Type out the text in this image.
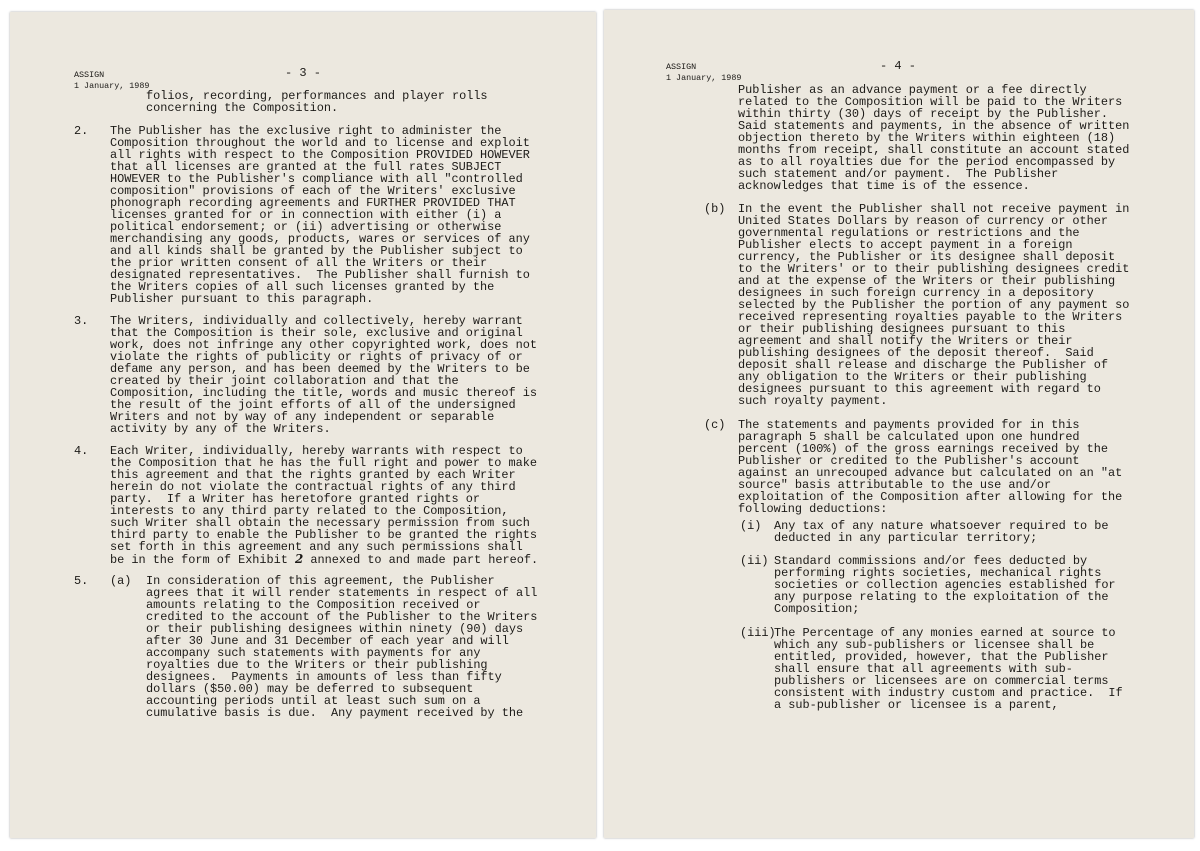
ASSIGN
1 January, 1989
- 3 -
folios, recording, performances and player rolls
concerning the Composition.
2. The Publisher has the exclusive right to administer the
Composition throughout the world and to license and exploit
all rights with respect to the Composition PROVIDED HOWEVER
that all licenses are granted at the full rates SUBJECT
HOWEVER to the Publisher's compliance with all "controlled
composition" provisions of each of the Writers' exclusive
phonograph recording agreements and FURTHER PROVIDED THAT
licenses granted for or in connection with either (i) a
political endorsement; or (ii) advertising or otherwise
merchandising any goods, products, wares or services of any
and all kinds shall be granted by the Publisher subject to
the prior written consent of all the Writers or their
designated representatives.  The Publisher shall furnish to
the Writers copies of all such licenses granted by the
Publisher pursuant to this paragraph.
3. The Writers, individually and collectively, hereby warrant
that the Composition is their sole, exclusive and original
work, does not infringe any other copyrighted work, does not
violate the rights of publicity or rights of privacy of or
defame any person, and has been deemed by the Writers to be
created by their joint collaboration and that the
Composition, including the title, words and music thereof is
the result of the joint efforts of all of the undersigned
Writers and not by way of any independent or separable
activity by any of the Writers.
4. Each Writer, individually, hereby warrants with respect to
the Composition that he has the full right and power to make
this agreement and that the rights granted by each Writer
herein do not violate the contractual rights of any third
party.  If a Writer has heretofore granted rights or
interests to any third party related to the Composition,
such Writer shall obtain the necessary permission from such
third party to enable the Publisher to be granted the rights
set forth in this agreement and any such permissions shall
be in the form of Exhibit 2 annexed to and made part hereof.
5. (a) In consideration of this agreement, the Publisher
agrees that it will render statements in respect of all
amounts relating to the Composition received or
credited to the account of the Publisher to the Writers
or their publishing designees within ninety (90) days
after 30 June and 31 December of each year and will
accompany such statements with payments for any
royalties due to the Writers or their publishing
designees.  Payments in amounts of less than fifty
dollars ($50.00) may be deferred to subsequent
accounting periods until at least such sum on a
cumulative basis is due.  Any payment received by the
ASSIGN
1 January, 1989
- 4 -
Publisher as an advance payment or a fee directly
related to the Composition will be paid to the Writers
within thirty (30) days of receipt by the Publisher.
Said statements and payments, in the absence of written
objection thereto by the Writers within eighteen (18)
months from receipt, shall constitute an account stated
as to all royalties due for the period encompassed by
such statement and/or payment.  The Publisher
acknowledges that time is of the essence.
(b) In the event the Publisher shall not receive payment in
United States Dollars by reason of currency or other
governmental regulations or restrictions and the
Publisher elects to accept payment in a foreign
currency, the Publisher or its designee shall deposit
to the Writers' or to their publishing designees credit
and at the expense of the Writers or their publishing
designees in such foreign currency in a depository
selected by the Publisher the portion of any payment so
received representing royalties payable to the Writers
or their publishing designees pursuant to this
agreement and shall notify the Writers or their
publishing designees of the deposit thereof.  Said
deposit shall release and discharge the Publisher of
any obligation to the Writers or their publishing
designees pursuant to this agreement with regard to
such royalty payment.
(c) The statements and payments provided for in this
paragraph 5 shall be calculated upon one hundred
percent (100%) of the gross earnings received by the
Publisher or credited to the Publisher's account
against an unrecouped advance but calculated on an "at
source" basis attributable to the use and/or
exploitation of the Composition after allowing for the
following deductions:
(i) Any tax of any nature whatsoever required to be
deducted in any particular territory;
(ii) Standard commissions and/or fees deducted by
performing rights societies, mechanical rights
societies or collection agencies established for
any purpose relating to the exploitation of the
Composition;
(iii)
The Percentage of any monies earned at source to
which any sub-publishers or licensee shall be
entitled, provided, however, that the Publisher
shall ensure that all agreements with sub-
publishers or licensees are on commercial terms
consistent with industry custom and practice.  If
a sub-publisher or licensee is a parent,
